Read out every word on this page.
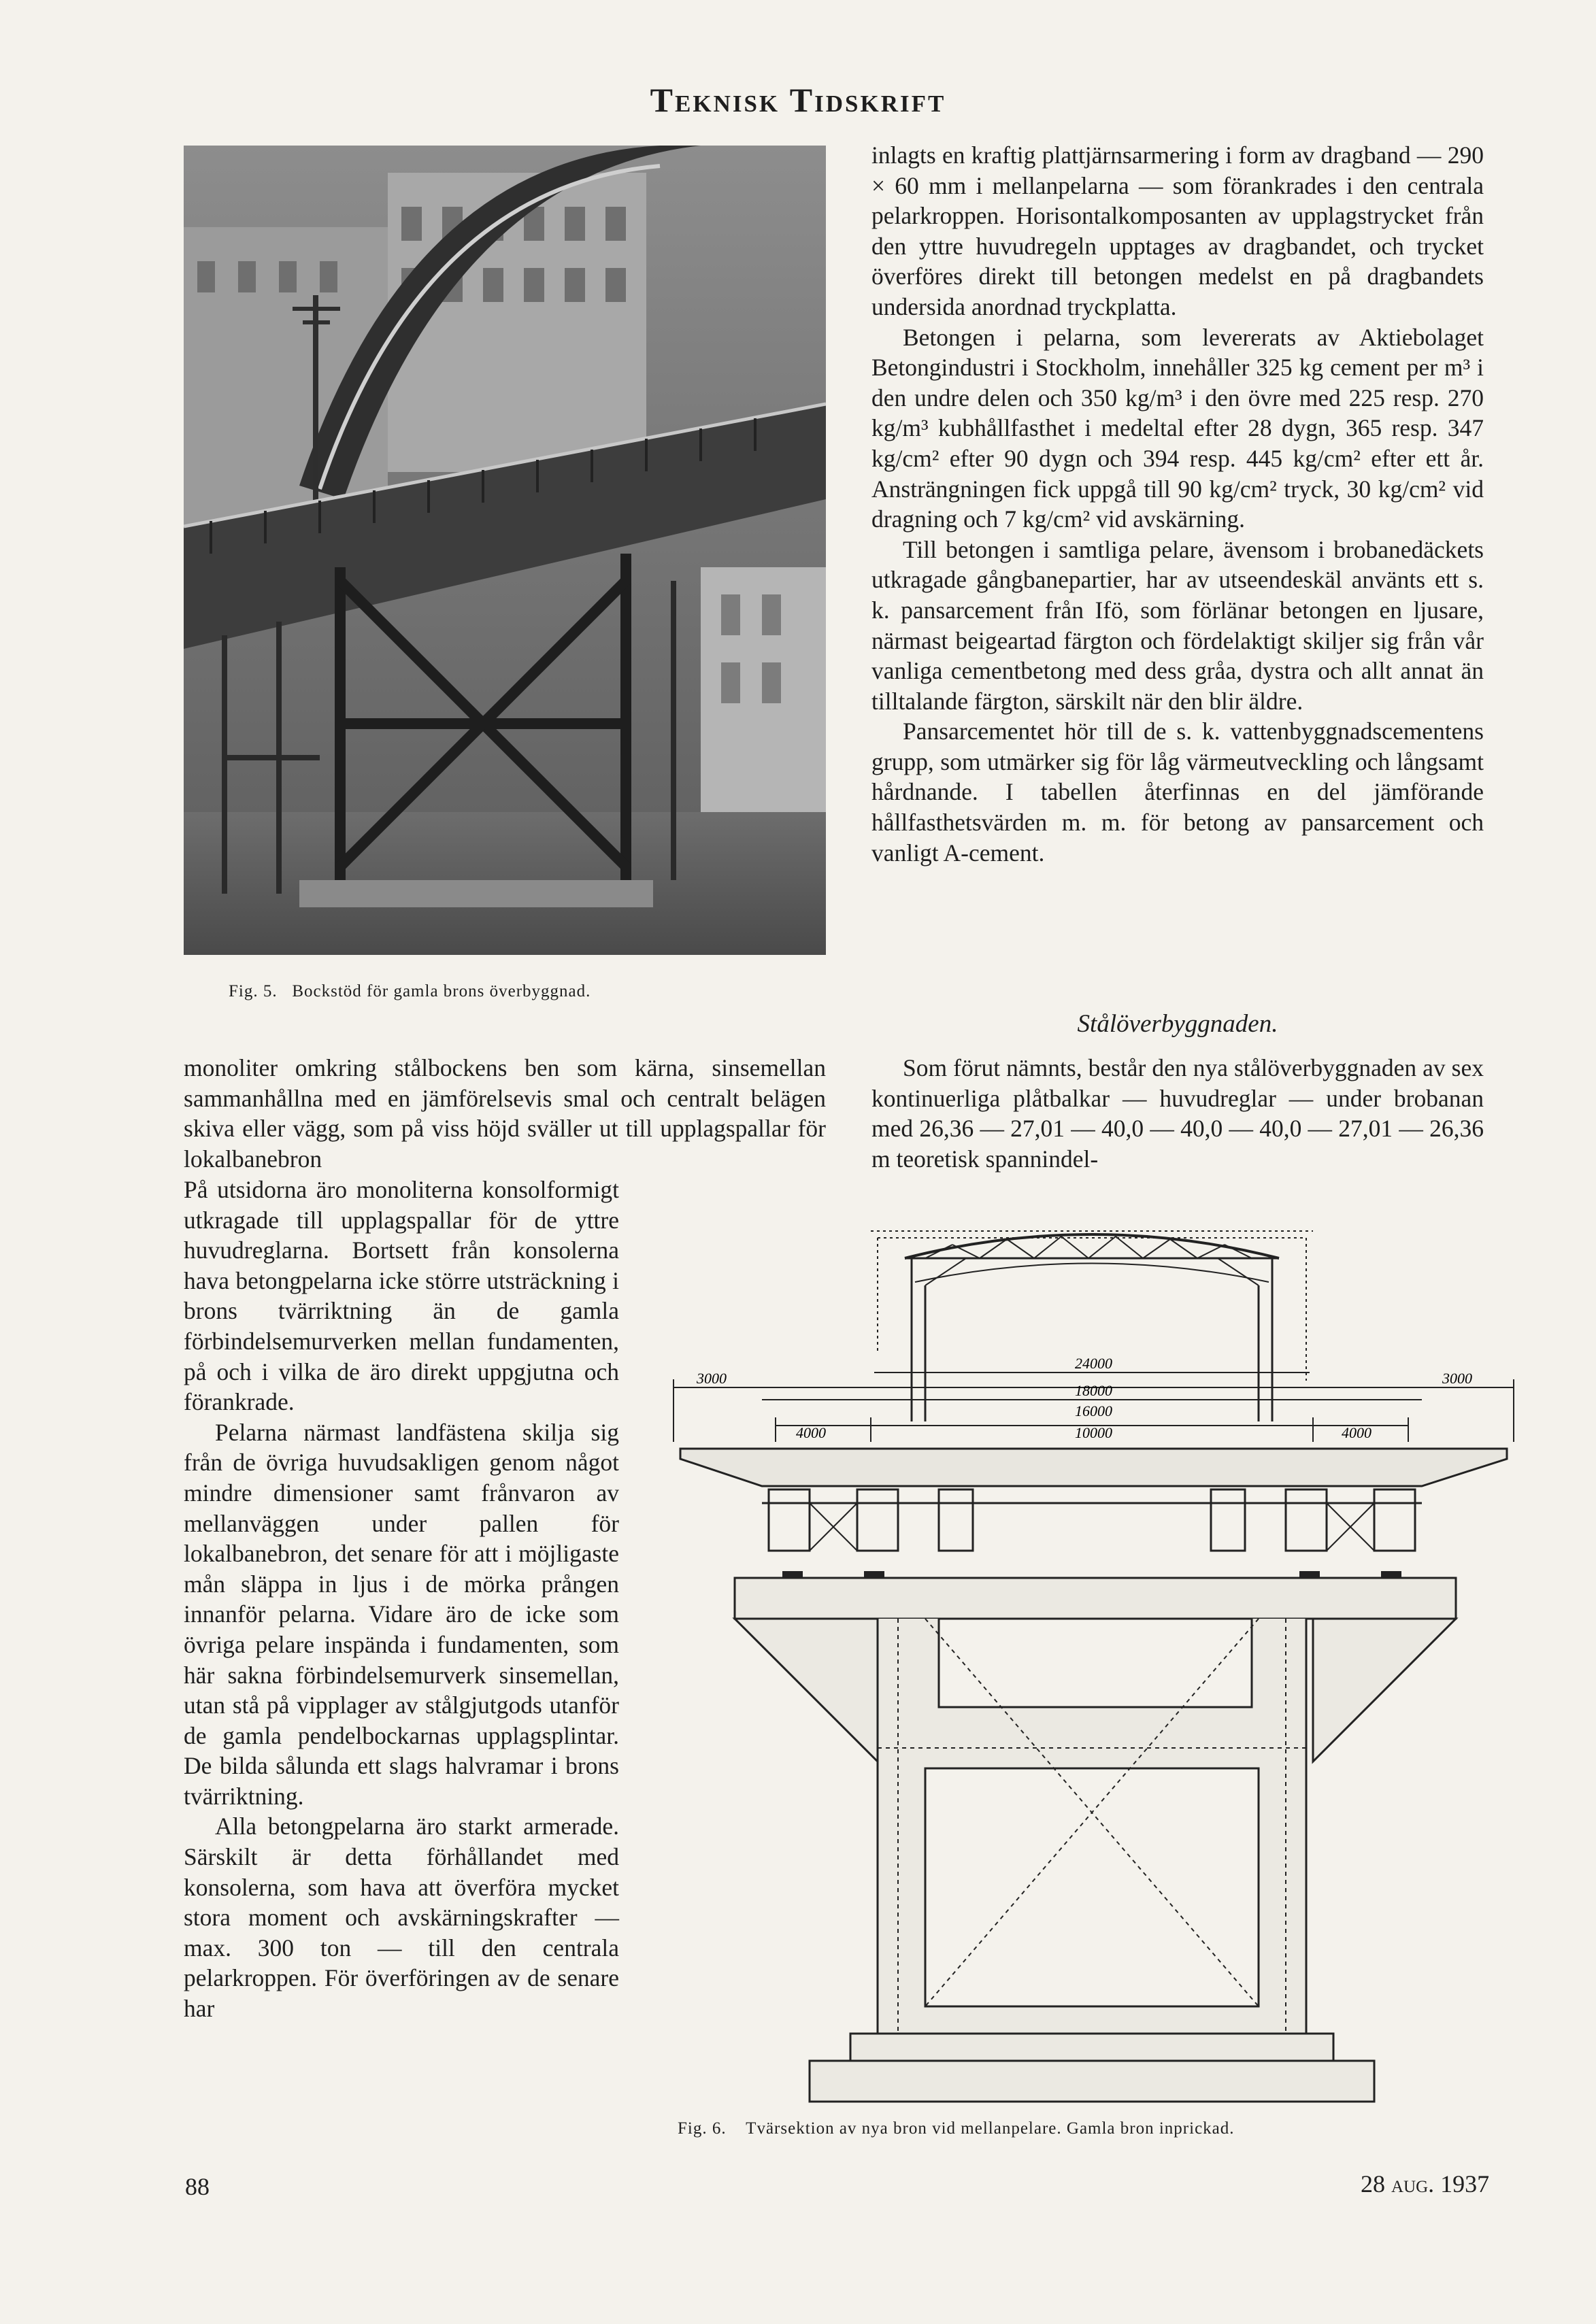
Teknisk Tidskrift
Fig. 5. Bockstöd för gamla brons överbyggnad.

monoliter omkring stålbockens ben som kärna, sinsemellan sammanhållna med en jämförelsevis smal och centralt belägen skiva eller vägg, som på viss höjd sväller ut till upplagspallar för lokalbanebron

På utsidorna äro monoliterna konsolformigt utkragade till upplagspallar för de yttre huvudreglarna. Bortsett från konsolerna hava betongpelarna icke större utsträckning i brons tvärriktning än de gamla förbindelsemurverken mellan fundamenten, på och i vilka de äro direkt uppgjutna och förankrade.

Pelarna närmast landfästena skilja sig från de övriga huvudsakligen genom något mindre dimensioner samt frånvaron av mellanväggen under pallen för lokalbanebron, det senare för att i möjligaste mån släppa in ljus i de mörka prången innanför pelarna. Vidare äro de icke som övriga pelare inspända i fundamenten, som här sakna förbindelsemurverk sinsemellan, utan stå på vipplager av stålgjutgods utanför de gamla pendelbockarnas upplagsplintar. De bilda sålunda ett slags halvramar i brons tvärriktning.

Alla betongpelarna äro starkt armerade. Särskilt är detta förhållandet med konsolerna, som hava att överföra mycket stora moment och avskärningskrafter — max. 300 ton — till den centrala pelarkroppen. För överföringen av de senare har

inlagts en kraftig plattjärnsarmering i form av dragband — 290 × 60 mm i mellanpelarna — som förankrades i den centrala pelarkroppen. Horisontalkomposanten av upplagstrycket från den yttre huvudregeln upptages av dragbandet, och trycket överföres direkt till betongen medelst en på dragbandets undersida anordnad tryckplatta.

Betongen i pelarna, som levererats av Aktiebolaget Betongindustri i Stockholm, innehåller 325 kg cement per m³ i den undre delen och 350 kg/m³ i den övre med 225 resp. 270 kg/m³ kubhållfasthet i medeltal efter 28 dygn, 365 resp. 347 kg/cm² efter 90 dygn och 394 resp. 445 kg/cm² efter ett år. Ansträngningen fick uppgå till 90 kg/cm² tryck, 30 kg/cm² vid dragning och 7 kg/cm² vid avskärning.

Till betongen i samtliga pelare, ävensom i brobanedäckets utkragade gångbanepartier, har av utseendeskäl använts ett s. k. pansarcement från Ifö, som förlänar betongen en ljusare, närmast beigeartad färgton och fördelaktigt skiljer sig från vår vanliga cementbetong med dess gråa, dystra och allt annat än tilltalande färgton, särskilt när den blir äldre.

Pansarcementet hör till de s. k. vattenbyggnadscementens grupp, som utmärker sig för låg värmeutveckling och långsamt hårdnande. I tabellen återfinnas en del jämförande hållfasthetsvärden m. m. för betong av pansarcement och vanligt A-cement.

Stålöverbyggnaden.

Som förut nämnts, består den nya stålöverbyggnaden av sex kontinuerliga plåtbalkar — huvudreglar — under brobanan med 26,36 — 27,01 — 40,0 — 40,0 — 40,0 — 27,01 — 26,36 m teoretisk spannindel-

24000
18000
16000
10000
3000	3000
4000	4000
Fig. 6. Tvärsektion av nya bron vid mellanpelare. Gamla bron inprickad.
88	28 aug. 1937
